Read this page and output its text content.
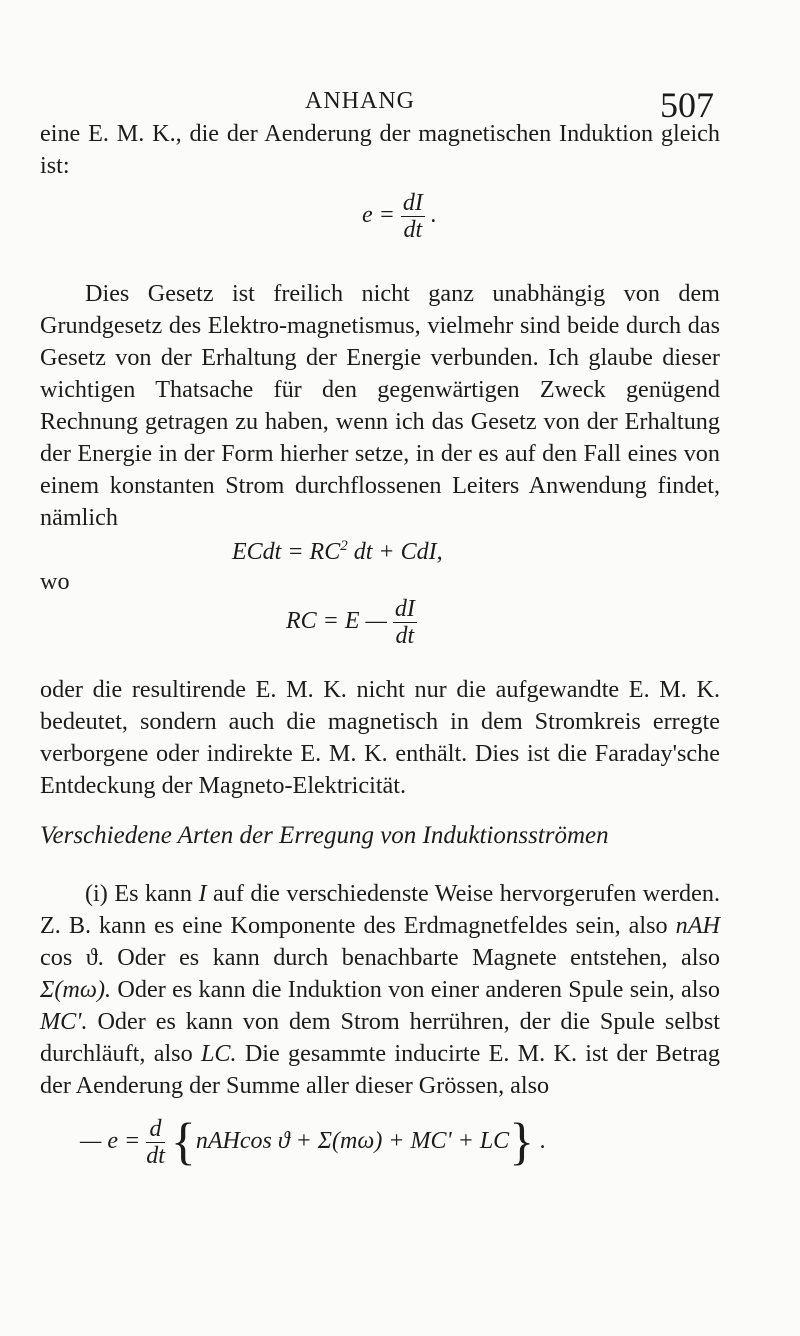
ANHANG	507

eine E. M. K., die der Aenderung der magnetischen Induktion gleich ist:

$e = \frac{dI}{dt}$ .

Dies Gesetz ist freilich nicht ganz unabhängig von dem Grundgesetz des Elektro-magnetismus, vielmehr sind beide durch das Gesetz von der Erhaltung der Energie verbunden. Ich glaube dieser wichtigen Thatsache für den gegenwärtigen Zweck genügend Rechnung getragen zu haben, wenn ich das Gesetz von der Erhaltung der Energie in der Form hierher setze, in der es auf den Fall eines von einem konstanten Strom durchflossenen Leiters Anwendung findet, nämlich

ECdt = $RC^2$ dt + CdI,
wo
RC = E — $\frac{dI}{dt}$

oder die resultirende E. M. K. nicht nur die aufgewandte E. M. K. bedeutet, sondern auch die magnetisch in dem Stromkreis erregte verborgene oder indirekte E. M. K. enthält. Dies ist die Faraday'sche Entdeckung der Magneto-Elektricität.

Verschiedene Arten der Erregung von Induktionsströmen

(i) Es kann I auf die verschiedenste Weise hervorgerufen werden. Z. B. kann es eine Komponente des Erdmagnetfeldes sein, also nAH cos ϑ. Oder es kann durch benachbarte Magnete entstehen, also Σ(mω). Oder es kann die Induktion von einer anderen Spule sein, also MC'. Oder es kann von dem Strom herrühren, der die Spule selbst durchläuft, also LC. Die gesammte inducirte E. M. K. ist der Betrag der Aenderung der Summe aller dieser Grössen, also

— $e = \frac{d}{dt} \{nAHcos$ ϑ + Σ(mω) + MC' + LC} .
